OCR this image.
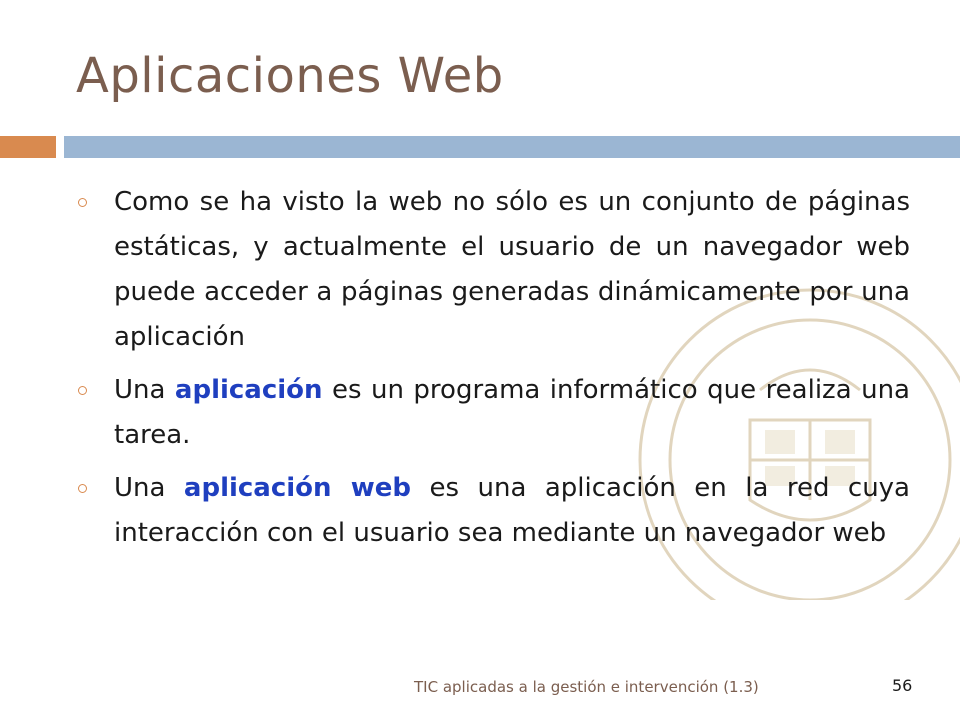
Aplicaciones Web
Como se ha visto la web no sólo es un conjunto de páginas estáticas, y actualmente el usuario de un navegador web puede acceder a páginas generadas dinámicamente por una aplicación
Una aplicación es un programa informático que realiza una tarea.
Una aplicación web es una aplicación en la red cuya interacción con el usuario sea mediante un navegador web
TIC aplicadas a la gestión e intervención (1.3)	56
